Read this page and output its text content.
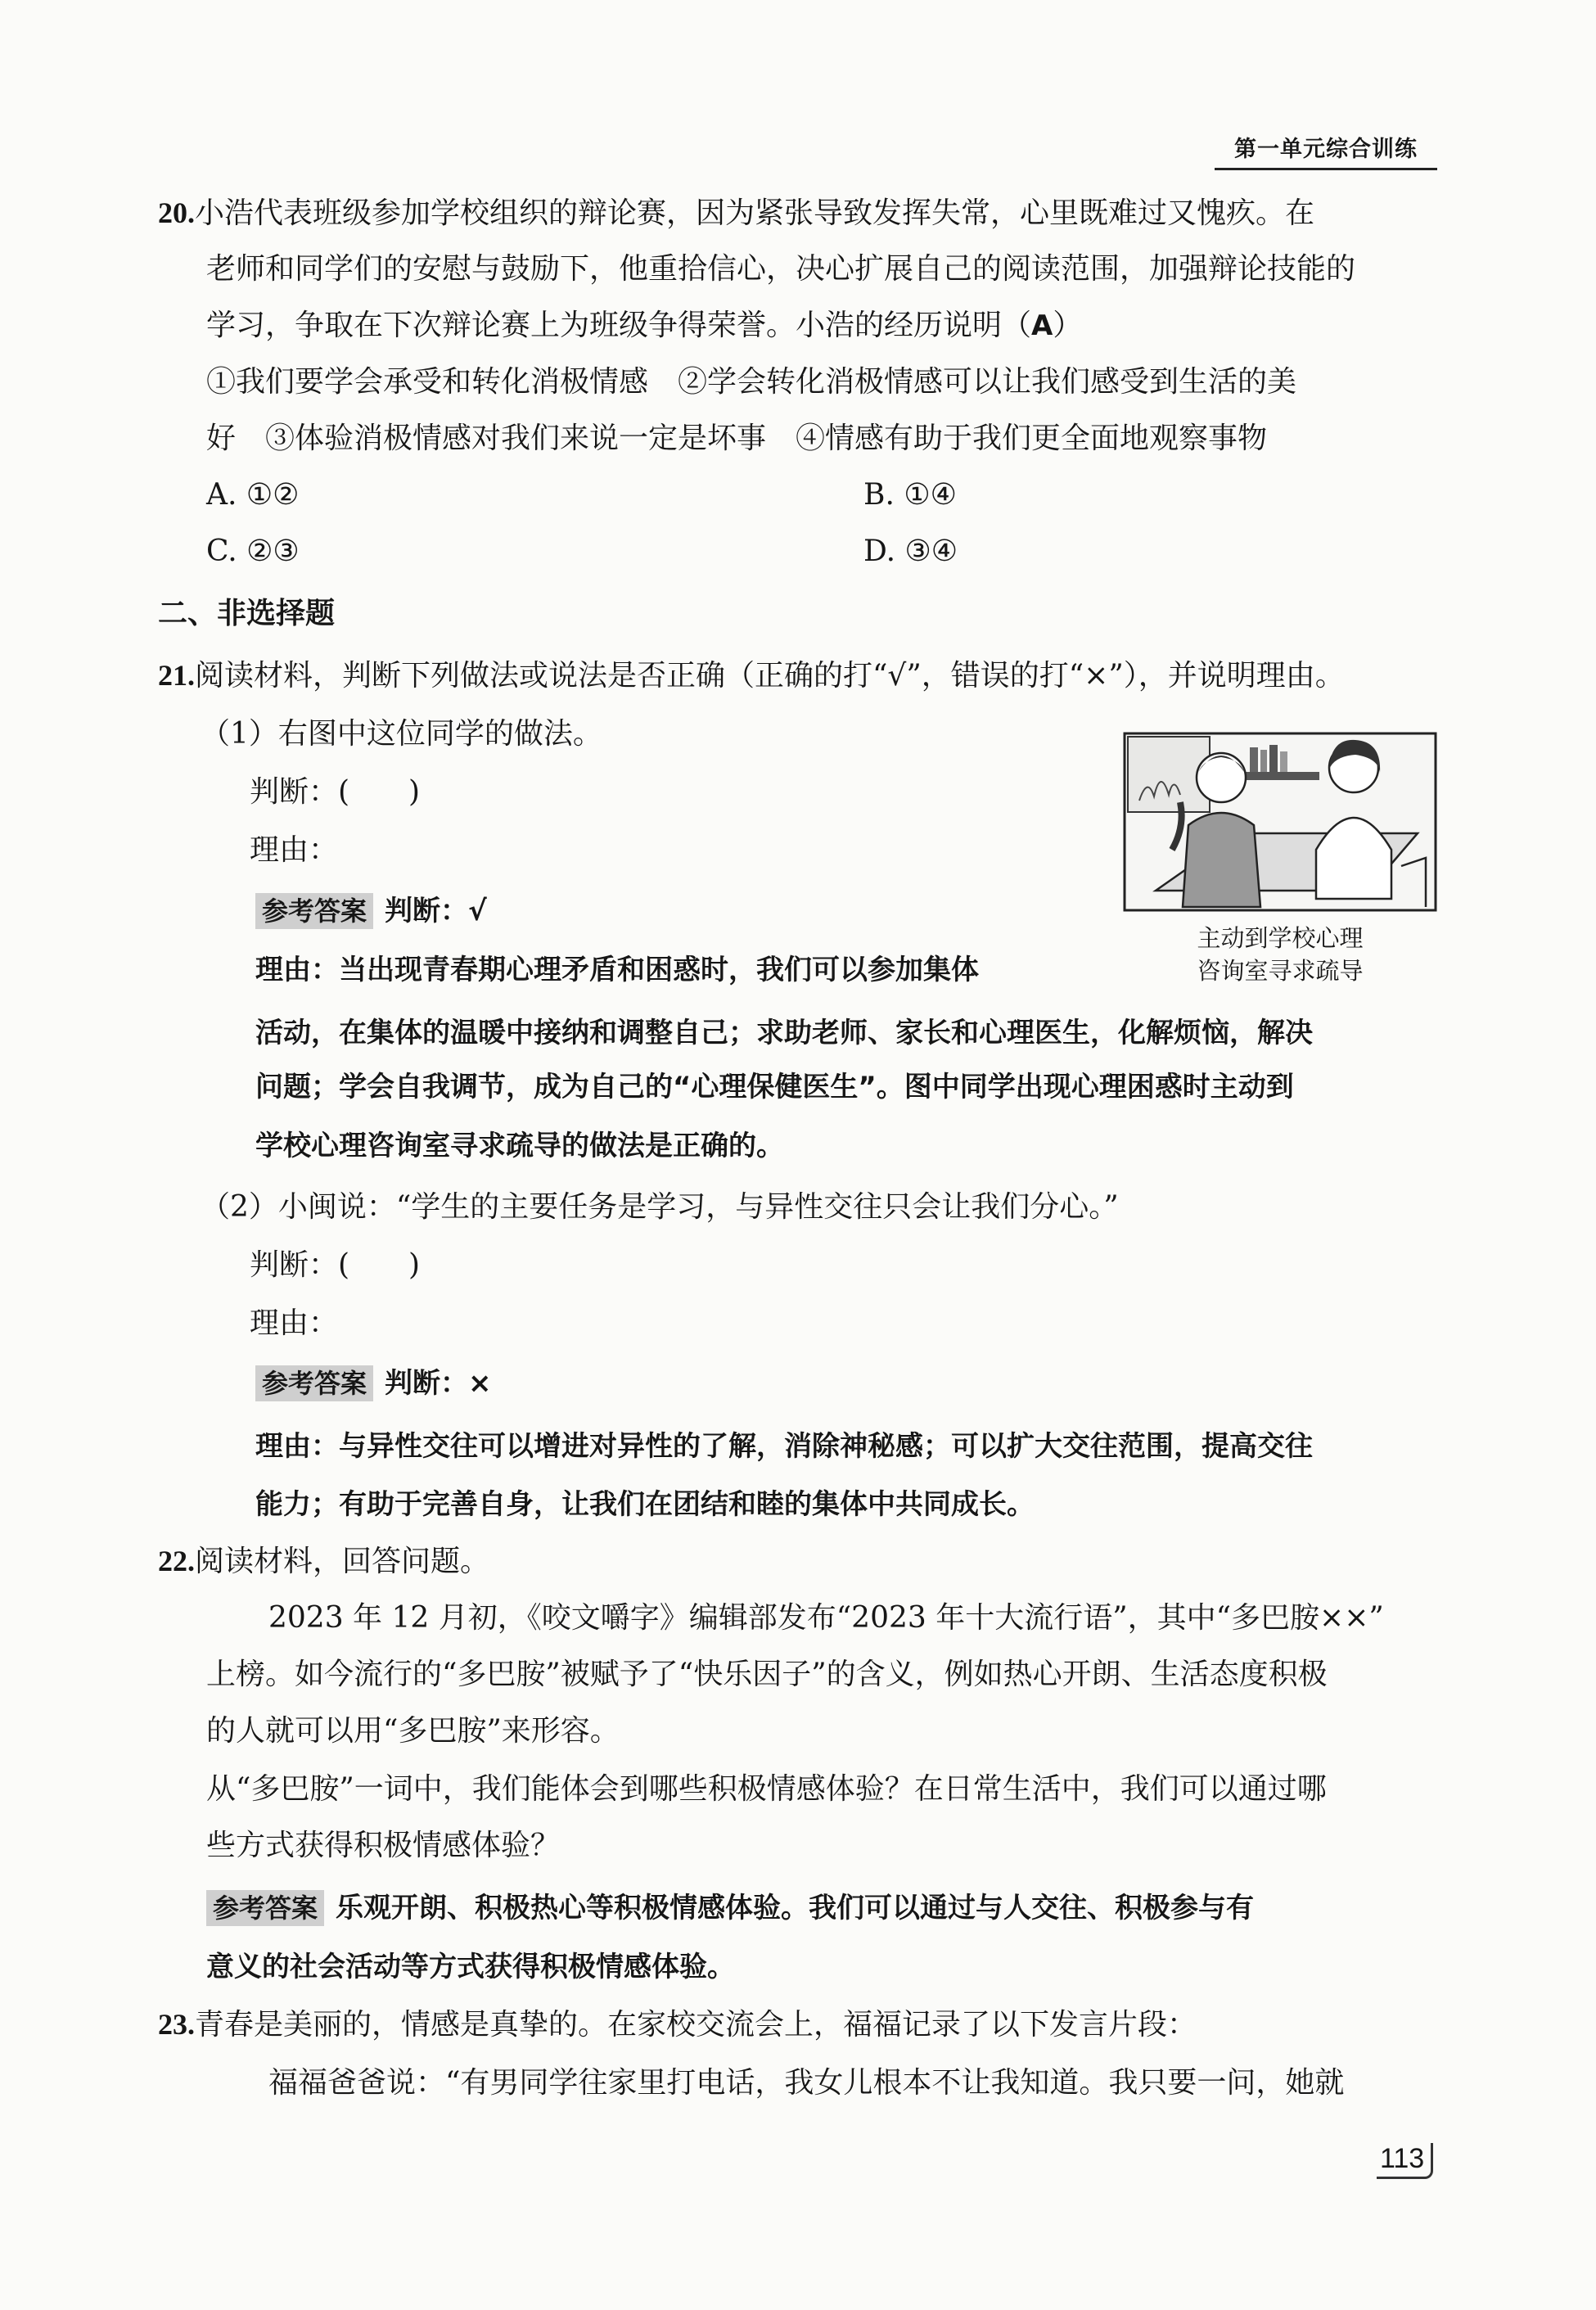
第一单元综合训练
20.小浩代表班级参加学校组织的辩论赛，因为紧张导致发挥失常，心里既难过又愧疚。在
老师和同学们的安慰与鼓励下，他重拾信心，决心扩展自己的阅读范围，加强辩论技能的
学习，争取在下次辩论赛上为班级争得荣誉。小浩的经历说明（A）
①我们要学会承受和转化消极情感　②学会转化消极情感可以让我们感受到生活的美
好　③体验消极情感对我们来说一定是坏事　④情感有助于我们更全面地观察事物
A. ①②	B. ①④
C. ②③	D. ③④
二、非选择题
21.阅读材料，判断下列做法或说法是否正确（正确的打“√”，错误的打“×”），并说明理由。
（1）右图中这位同学的做法。
判断：(　　)
理由：
参考答案 判断：√
理由：当出现青春期心理矛盾和困惑时，我们可以参加集体
活动，在集体的温暖中接纳和调整自己；求助老师、家长和心理医生，化解烦恼，解决
问题；学会自我调节，成为自己的“心理保健医生”。图中同学出现心理困惑时主动到
学校心理咨询室寻求疏导的做法是正确的。
主动到学校心理
咨询室寻求疏导
（2）小闽说：“学生的主要任务是学习，与异性交往只会让我们分心。”
判断：(　　)
理由：
参考答案 判断：×
理由：与异性交往可以增进对异性的了解，消除神秘感；可以扩大交往范围，提高交往
能力；有助于完善自身，让我们在团结和睦的集体中共同成长。
22.阅读材料，回答问题。
2023 年 12 月初，《咬文嚼字》编辑部发布“2023 年十大流行语”，其中“多巴胺××”
上榜。如今流行的“多巴胺”被赋予了“快乐因子”的含义，例如热心开朗、生活态度积极
的人就可以用“多巴胺”来形容。
从“多巴胺”一词中，我们能体会到哪些积极情感体验？在日常生活中，我们可以通过哪
些方式获得积极情感体验？
参考答案 乐观开朗、积极热心等积极情感体验。我们可以通过与人交往、积极参与有
意义的社会活动等方式获得积极情感体验。
23.青春是美丽的，情感是真挚的。在家校交流会上，福福记录了以下发言片段：
福福爸爸说：“有男同学往家里打电话，我女儿根本不让我知道。我只要一问，她就
113
